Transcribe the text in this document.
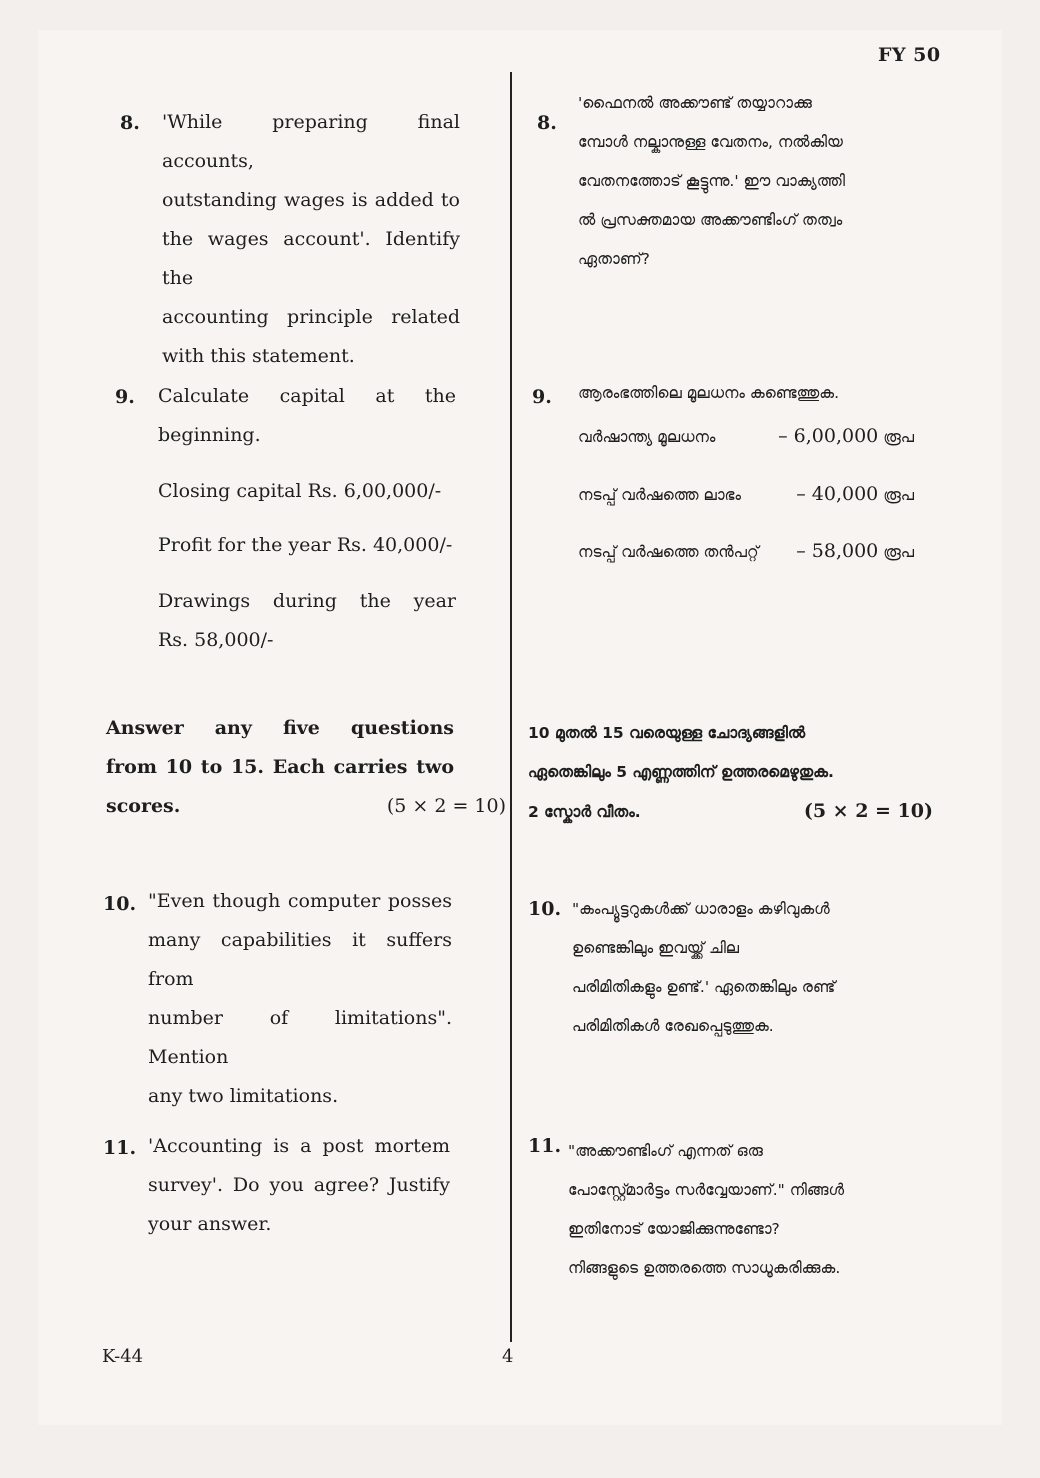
FY 50
8. 'While preparing final accounts,
outstanding wages is added to
the wages account'. Identify the
accounting principle related
with this statement.
9. Calculate capital at the
beginning.
Closing capital Rs. 6,00,000/-
Profit for the year Rs. 40,000/-
Drawings during the year
Rs. 58,000/-
Answer any five questions
from 10 to 15. Each carries two
scores.	(5 × 2 = 10)
10. "Even though computer posses
many capabilities it suffers from
number of limitations". Mention
any two limitations.
11. 'Accounting is a post mortem
survey'. Do you agree? Justify
your answer.
8.
'ഫൈനൽ അക്കൗണ്ട് തയ്യാറാക്കു
മ്പോൾ നല്കാനുള്ള വേതനം, നൽകിയ
വേതനത്തോട് കൂട്ടുന്നു.' ഈ വാക്യത്തി
ൽ പ്രസക്തമായ അക്കൗണ്ടിംഗ് തത്വം
ഏതാണ്?
9. ആരംഭത്തിലെ മൂലധനം കണ്ടെത്തുക.
വർഷാന്ത്യ മൂലധനം	– 6,00,000 രൂപ
നടപ്പ് വർഷത്തെ ലാഭം	– 40,000 രൂപ
നടപ്പ് വർഷത്തെ തൻപറ്റ്	– 58,000 രൂപ
10 മുതൽ 15 വരെയുള്ള ചോദ്യങ്ങളിൽ
ഏതെങ്കിലും 5 എണ്ണത്തിന് ഉത്തരമെഴുതുക.
2 സ്കോർ വീതം.	(5 × 2 = 10)
10. "കംപ്യൂട്ടറുകൾക്ക് ധാരാളം കഴിവുകൾ
ഉണ്ടെങ്കിലും ഇവയ്ക്ക് ചില
പരിമിതികളും ഉണ്ട്.' ഏതെങ്കിലും രണ്ട്
പരിമിതികൾ രേഖപ്പെടുത്തുക.
11. "അക്കൗണ്ടിംഗ് എന്നത് ഒരു
പോസ്റ്റ്മോർട്ടം സർവ്വേയാണ്." നിങ്ങൾ
ഇതിനോട് യോജിക്കുന്നുണ്ടോ?
നിങ്ങളുടെ ഉത്തരത്തെ സാധൂകരിക്കുക.
K-44	4
